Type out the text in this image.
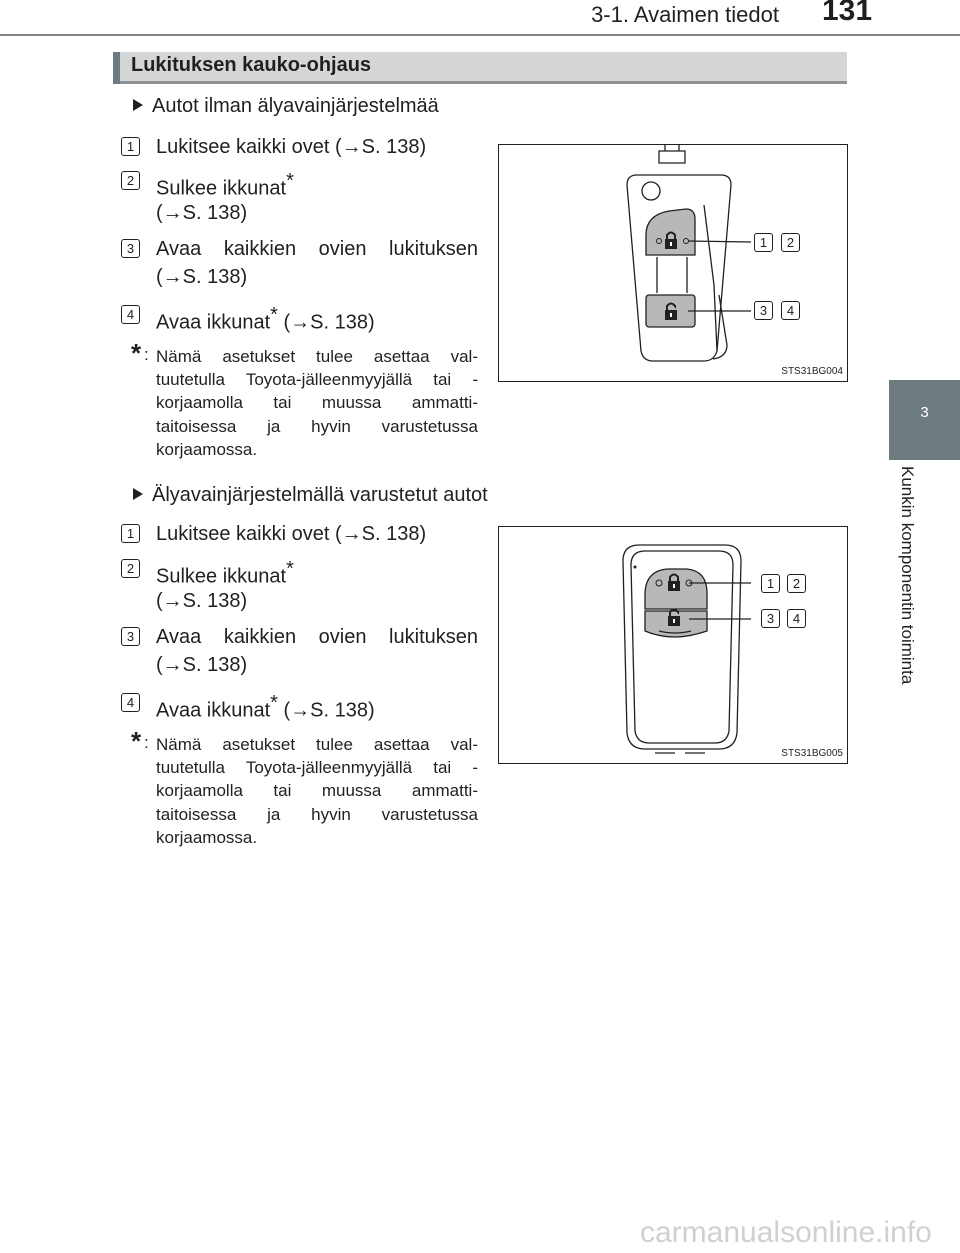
3-1. Avaimen tiedot 131
3
Kunkin komponentin toiminta
Lukituksen kauko-ohjaus
Autot ilman älyavainjärjestelmää
1 Lukitsee kaikki ovet (→S. 138)
2 Sulkee ikkunat*
(→S. 138)
3 Avaa kaikkien ovien lukituksen
(→S. 138)
4 Avaa ikkunat* (→S. 138)
* : Nämä asetukset tulee asettaa val-tuutetulla Toyota-jälleenmyyjällä tai -korjaamolla tai muussa ammatti-taitoisessa ja hyvin varustetussa korjaamossa.
1	2
3	4
STS31BG004
Älyavainjärjestelmällä varustetut autot
1 Lukitsee kaikki ovet (→S. 138)
2 Sulkee ikkunat*
(→S. 138)
3 Avaa kaikkien ovien lukituksen
(→S. 138)
4 Avaa ikkunat* (→S. 138)
* : Nämä asetukset tulee asettaa val-tuutetulla Toyota-jälleenmyyjällä tai -korjaamolla tai muussa ammatti-taitoisessa ja hyvin varustetussa korjaamossa.
1	2
3	4
STS31BG005
carmanualsonline.info
